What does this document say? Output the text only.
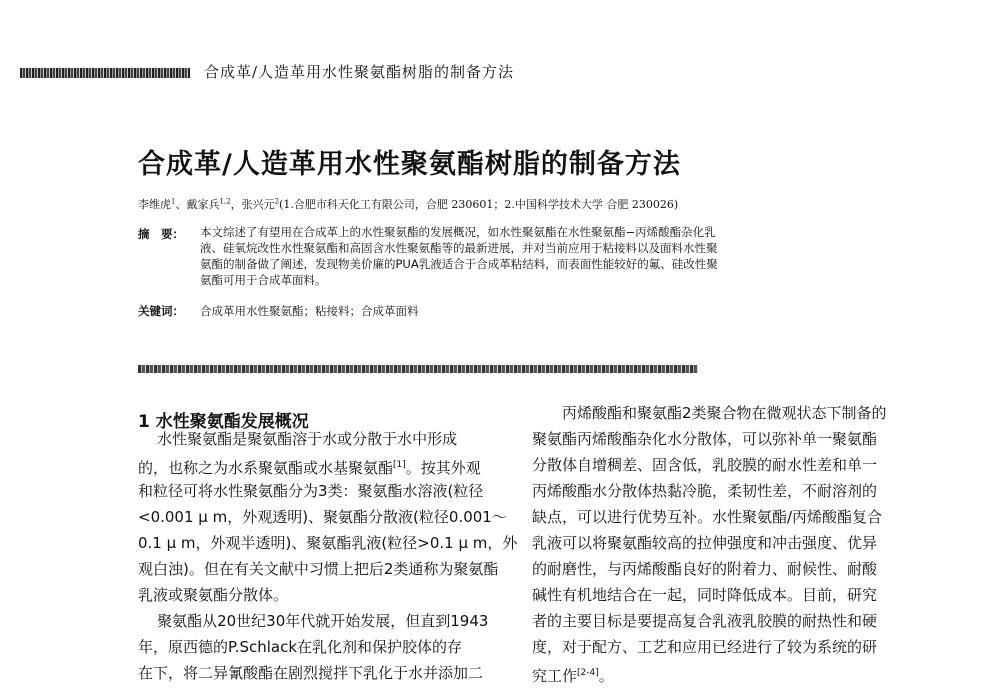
合成革/人造革用水性聚氨酯树脂的制备方法
合成革/人造革用水性聚氨酯树脂的制备方法
李维虎$^1$、戴家兵$^{1,2}$，张兴元$^2$(1.合肥市科天化工有限公司，合肥 230601；2.中国科学技术大学 合肥 230026)
摘　要： 本文综述了有望用在合成革上的水性聚氨酯的发展概况，如水性聚氨酯在水性聚氨酯−丙烯酸酯杂化乳
液、硅氧烷改性水性聚氨酯和高固含水性聚氨酯等的最新进展，并对当前应用于粘接料以及面料水性聚
氨酯的制备做了阐述，发现物美价廉的PUA乳液适合于合成革粘结料，而表面性能较好的氟、硅改性聚
氨酯可用于合成革面料。
关键词： 合成革用水性聚氨酯；粘接料；合成革面料
1 水性聚氨酯发展概况
水性聚氨酯是聚氨酯溶于水或分散于水中形成
的，也称之为水系聚氨酯或水基聚氨酯[1]。按其外观
和粒径可将水性聚氨酯分为3类：聚氨酯水溶液(粒径
<0.001 μ m，外观透明)、聚氨酯分散液(粒径0.001～
0.1 μ m，外观半透明)、聚氨酯乳液(粒径>0.1 μ m，外
观白浊)。但在有关文献中习惯上把后2类通称为聚氨酯
乳液或聚氨酯分散体。
聚氨酯从20世纪30年代就开始发展，但直到1943
年，原西德的P.Schlack在乳化剂和保护胶体的存
在下，将二异氰酸酯在剧烈搅拌下乳化于水并添加二
丙烯酸酯和聚氨酯2类聚合物在微观状态下制备的
聚氨酯丙烯酸酯杂化水分散体，可以弥补单一聚氨酯
分散体自增稠差、固含低，乳胶膜的耐水性差和单一
丙烯酸酯水分散体热黏冷脆，柔韧性差，不耐溶剂的
缺点，可以进行优势互补。水性聚氨酯/丙烯酸酯复合
乳液可以将聚氨酯较高的拉伸强度和冲击强度、优异
的耐磨性，与丙烯酸酯良好的附着力、耐候性、耐酸
碱性有机地结合在一起，同时降低成本。目前，研究
者的主要目标是要提高复合乳液乳胶膜的耐热性和硬
度，对于配方、工艺和应用已经进行了较为系统的研
究工作[2-4]。
